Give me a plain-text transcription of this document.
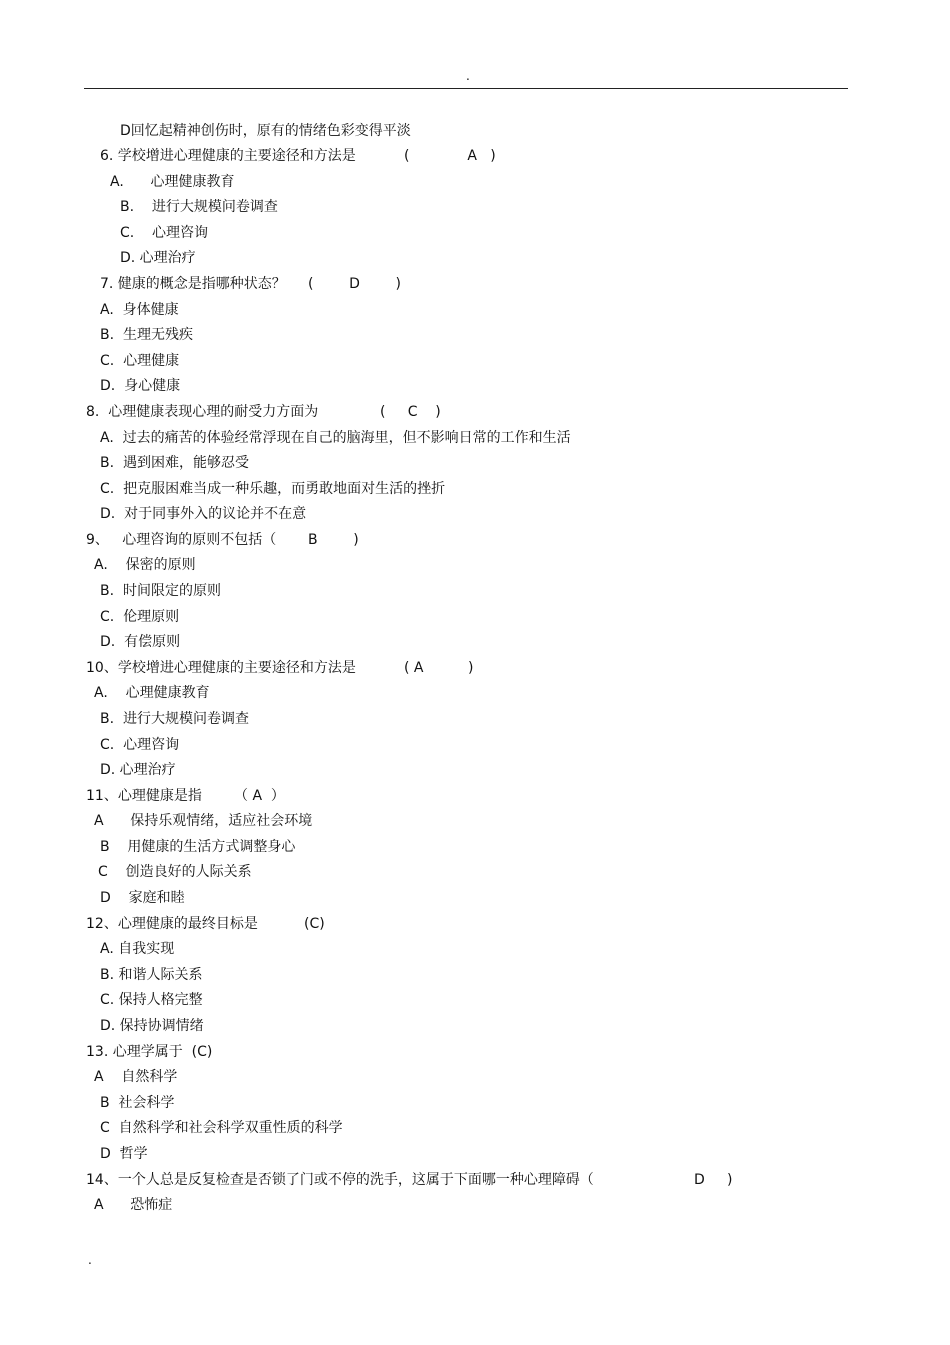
.
D回忆起精神创伤时，原有的情绪色彩变得平淡
6. 学校增进心理健康的主要途径和方法是	(             A   )
A.      心理健康教育
B.    进行大规模问卷调查
C.    心理咨询
D. 心理治疗
7. 健康的概念是指哪种状态？ (        D        )
A.  身体健康
B.  生理无残疾
C.  心理健康
D.  身心健康
8.  心理健康表现心理的耐受力方面为	(     C    )
A.  过去的痛苦的体验经常浮现在自己的脑海里，但不影响日常的工作和生活
B.  遇到困难，能够忍受
C.  把克服困难当成一种乐趣，而勇敢地面对生活的挫折
D.  对于同事外入的议论并不在意
9、   心理咨询的原则不包括（ B        )
A.    保密的原则
B.  时间限定的原则
C.  伦理原则
D.  有偿原则
10、学校增进心理健康的主要途径和方法是	( A          )
A.    心理健康教育
B.  进行大规模问卷调查
C.  心理咨询
D. 心理治疗
11、心理健康是指 （ A  ）
A      保持乐观情绪，适应社会环境
B    用健康的生活方式调整身心
C    创造良好的人际关系
D    家庭和睦
12、心理健康的最终目标是	(C)
A. 自我实现
B. 和谐人际关系
C. 保持人格完整
D. 保持协调情绪
13. 心理学属于  (C)
A    自然科学
B  社会科学
C  自然科学和社会科学双重性质的科学
D  哲学
14、一个人总是反复检查是否锁了门或不停的洗手，这属于下面哪一种心理障碍（	D     )
A      恐怖症
.
